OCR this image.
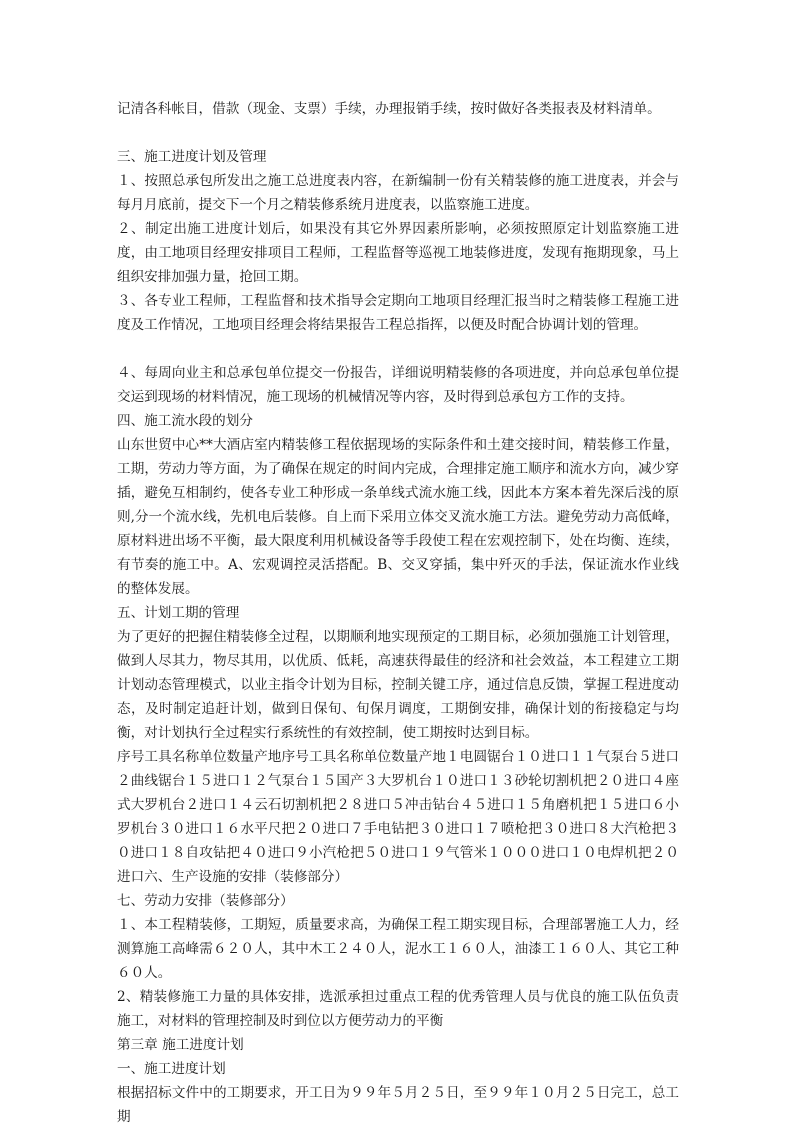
记清各科帐目，借款（现金、支票）手续，办理报销手续，按时做好各类报表及材料清单。

三、施工进度计划及管理

１、按照总承包所发出之施工总进度表内容，在新编制一份有关精装修的施工进度表，并会与每月月底前，提交下一个月之精装修系统月进度表，以监察施工进度。

２、制定出施工进度计划后，如果没有其它外界因素所影响，必须按照原定计划监察施工进度，由工地项目经理安排项目工程师，工程监督等巡视工地装修进度，发现有拖期现象，马上组织安排加强力量，抢回工期。

３、各专业工程师，工程监督和技术指导会定期向工地项目经理汇报当时之精装修工程施工进度及工作情况，工地项目经理会将结果报告工程总指挥，以便及时配合协调计划的管理。

４、每周向业主和总承包单位提交一份报告，详细说明精装修的各项进度，并向总承包单位提交运到现场的材料情况，施工现场的机械情况等内容，及时得到总承包方工作的支持。

四、施工流水段的划分

山东世贸中心**大酒店室内精装修工程依据现场的实际条件和土建交接时间，精装修工作量，工期，劳动力等方面，为了确保在规定的时间内完成，合理排定施工顺序和流水方向，减少穿插，避免互相制约，使各专业工种形成一条单线式流水施工线，因此本方案本着先深后浅的原则,分一个流水线，先机电后装修。自上而下采用立体交叉流水施工方法。避免劳动力高低峰，原材料进出场不平衡，最大限度利用机械设备等手段使工程在宏观控制下，处在均衡、连续，有节奏的施工中。A、宏观调控灵活搭配。B、交叉穿插，集中歼灭的手法，保证流水作业线的整体发展。

五、计划工期的管理

为了更好的把握住精装修全过程，以期顺利地实现预定的工期目标，必须加强施工计划管理，做到人尽其力，物尽其用，以优质、低耗，高速获得最佳的经济和社会效益，本工程建立工期计划动态管理模式，以业主指令计划为目标，控制关键工序，通过信息反馈，掌握工程进度动态，及时制定追赶计划，做到日保旬、旬保月调度，工期倒安排，确保计划的衔接稳定与均衡，对计划执行全过程实行系统性的有效控制，使工期按时达到目标。

序号工具名称单位数量产地序号工具名称单位数量产地１电圆锯台１０进口１１气泵台５进口２曲线锯台１５进口１２气泵台１５国产３大罗机台１０进口１３砂轮切割机把２０进口４座式大罗机台２进口１４云石切割机把２８进口５冲击钻台４５进口１５角磨机把１５进口６小罗机台３０进口１６水平尺把２０进口７手电钻把３０进口１７喷枪把３０进口８大汽枪把３０进口１８自攻钻把４０进口９小汽枪把５０进口１９气管米１０００进口１０电焊机把２０进口六、生产设施的安排（装修部分）

七、劳动力安排（装修部分）

１、本工程精装修，工期短，质量要求高，为确保工程工期实现目标，合理部署施工人力，经测算施工高峰需６２０人，其中木工２４０人，泥水工１６０人，油漆工１６０人、其它工种６０人。

2、精装修施工力量的具体安排，选派承担过重点工程的优秀管理人员与优良的施工队伍负责施工，对材料的管理控制及时到位以方便劳动力的平衡

第三章 施工进度计划

一、施工进度计划

根据招标文件中的工期要求，开工日为９９年５月２５日，至９９年１０月２５日完工，总工期
